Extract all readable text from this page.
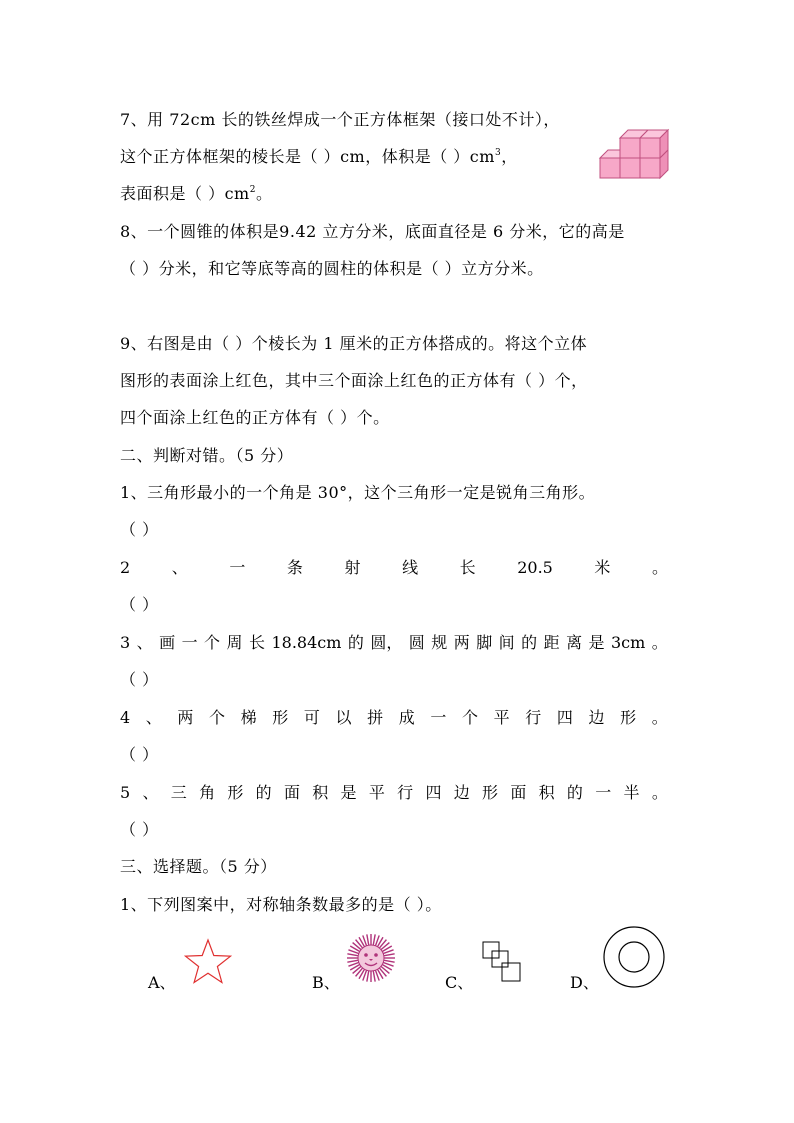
7、用 72cm 长的铁丝焊成一个正方体框架（接口处不计），
这个正方体框架的棱长是（ ）cm，体积是（ ）$cm^3$，
表面积是（ ）$cm^2$。
8、一个圆锥的体积是9.42 立方分米，底面直径是 6 分米，它的高是
（ ）分米，和它等底等高的圆柱的体积是（ ）立方分米。
9、右图是由（ ）个棱长为 1 厘米的正方体搭成的。将这个立体
图形的表面涂上红色，其中三个面涂上红色的正方体有（ ）个，
四个面涂上红色的正方体有（ ）个。
二、判断对错。（5 分）
1、三角形最小的一个角是 30°，这个三角形一定是锐角三角形。
（ ）
2	、	一	条	射	线	长	20.5	米	。
（ ）
3 、 画 一 个 周 长 18.84cm 的 圆， 圆 规 两 脚 间 的 距 离 是 3cm 。
（ ）
4 、 两 个 梯 形 可 以 拼 成 一 个 平 行 四 边 形 。
（ ）
5 、 三 角 形 的 面 积 是 平 行 四 边 形 面 积 的 一 半 。
（ ）
三、选择题。（5 分）
1、下列图案中，对称轴条数最多的是（ ）。
A、	B、	C、	D、
